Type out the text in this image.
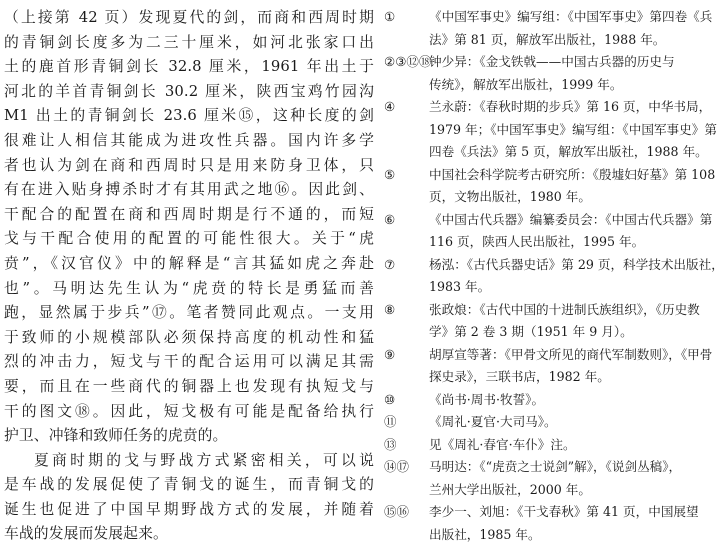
（上接第 42 页）发现夏代的剑，而商和西周时期
的青铜剑长度多为二三十厘米，如河北张家口出
土的鹿首形青铜剑长 32.8 厘米，1961 年出土于
河北的羊首青铜剑长 30.2 厘米，陕西宝鸡竹园沟
M1 出土的青铜剑长 23.6 厘米⑮，这种长度的剑
很难让人相信其能成为进攻性兵器。国内许多学
者也认为剑在商和西周时只是用来防身卫体，只
有在进入贴身搏杀时才有其用武之地⑯。因此剑、
干配合的配置在商和西周时期是行不通的，而短
戈与干配合使用的配置的可能性很大。关于“虎
贲”，《汉官仪》中的解释是“言其猛如虎之奔赴
也”。马明达先生认为“虎贲的特长是勇猛而善
跑，显然属于步兵”⑰。笔者赞同此观点。一支用
于致师的小规模部队必须保持高度的机动性和猛
烈的冲击力，短戈与干的配合运用可以满足其需
要，而且在一些商代的铜器上也发现有执短戈与
干的图文⑱。因此，短戈极有可能是配备给执行
护卫、冲锋和致师任务的虎贲的。
夏商时期的戈与野战方式紧密相关，可以说
是车战的发展促使了青铜戈的诞生，而青铜戈的
诞生也促进了中国早期野战方式的发展，并随着
车战的发展而发展起来。
①	《中国军事史》编写组：《中国军事史》第四卷《兵
法》第 81 页，解放军出版社，1988 年。
②③⑫⑱
钟少异：《金戈铁戟——中国古兵器的历史与
传统》，解放军出版社，1999 年。
④	兰永蔚：《春秋时期的步兵》第 16 页，中华书局，
1979 年；《中国军事史》编写组：《中国军事史》第
四卷《兵法》第 5 页，解放军出版社，1988 年。
⑤	中国社会科学院考古研究所：《殷墟妇好墓》第 108
页，文物出版社，1980 年。
⑥	《中国古代兵器》编纂委员会：《中国古代兵器》第
116 页，陕西人民出版社，1995 年。
⑦	杨泓：《古代兵器史话》第 29 页，科学技术出版社，
1983 年。
⑧	张政烺：《古代中国的十进制氏族组织》，《历史教
学》第 2 卷 3 期（1951 年 9 月）。
⑨	胡厚宣等著：《甲骨文所见的商代军制数则》，《甲骨
探史录》，三联书店，1982 年。
⑩	《尚书·周书·牧誓》。
⑪	《周礼·夏官·大司马》。
⑬	见《周礼·春官·车仆》注。
⑭⑰	马明达：《“虎贲之士说剑”解》，《说剑丛稿》，
兰州大学出版社，2000 年。
⑮⑯	李少一、刘旭：《干戈春秋》第 41 页，中国展望
出版社，1985 年。
